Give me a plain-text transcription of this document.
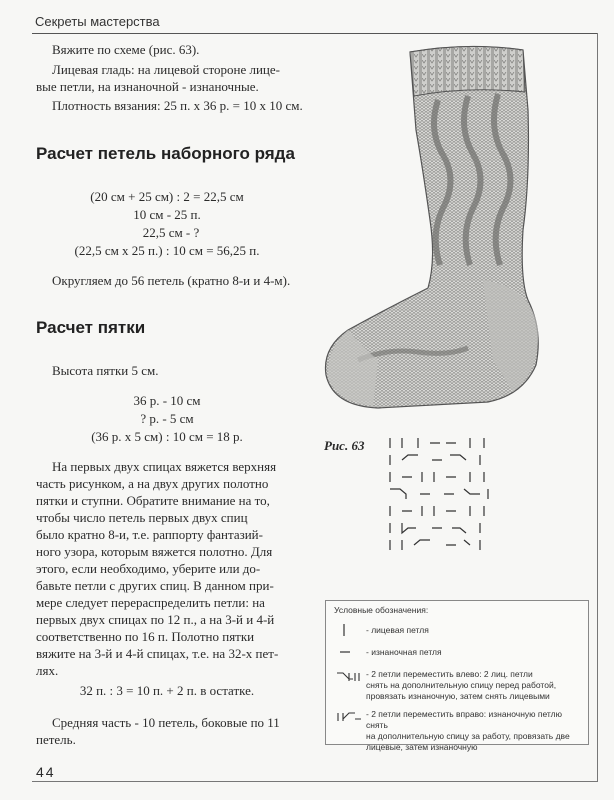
Секреты мастерства
44

Вяжите по схеме (рис. 63).

Лицевая гладь: на лицевой стороне лице-

вые петли, на изнаночной - изнаночные.

Плотность вязания: 25 п. х 36 р. = 10 х 10 см.

Расчет петель наборного ряда

(20 см + 25 см) : 2 = 22,5 см

10 см - 25 п.

22,5 см - ?

(22,5 см х 25 п.) : 10 см = 56,25 п.

Округляем до 56 петель (кратно 8-и и 4-м).

Расчет пятки

Высота пятки 5 см.

36 р. - 10 см

? р. - 5 см

(36 р. х 5 см) : 10 см = 18 р.

На первых двух спицах вяжется верхняя
часть рисунком, а на двух других полотно
пятки и ступни. Обратите внимание на то,
чтобы число петель первых двух спиц
было кратно 8-и, т.е. раппорту фантазий-
ного узора, которым вяжется полотно. Для
этого, если необходимо, уберите или до-
бавьте петли с других спиц. В данном при-
мере следует перераспределить петли: на
первых двух спицах по 12 п., а на 3-й и 4-й
соответственно по 16 п. Полотно пятки
вяжите на 3-й и 4-й спицах, т.е. на 32-х пет-
лях.

32 п. : 3 = 10 п. + 2 п. в остатке.

Средняя часть - 10 петель, боковые по 11

петель.

Рис. 63
Условные обозначения:
- лицевая петля
- изнаночная петля
- 2 петли переместить влево: 2 лиц. петли
снять на дополнительную спицу перед работой,
провязать изнаночную, затем снять лицевыми
- 2 петли переместить вправо: изнаночную петлю снять
на дополнительную спицу за работу, провязать две
лицевые, затем изнаночную
